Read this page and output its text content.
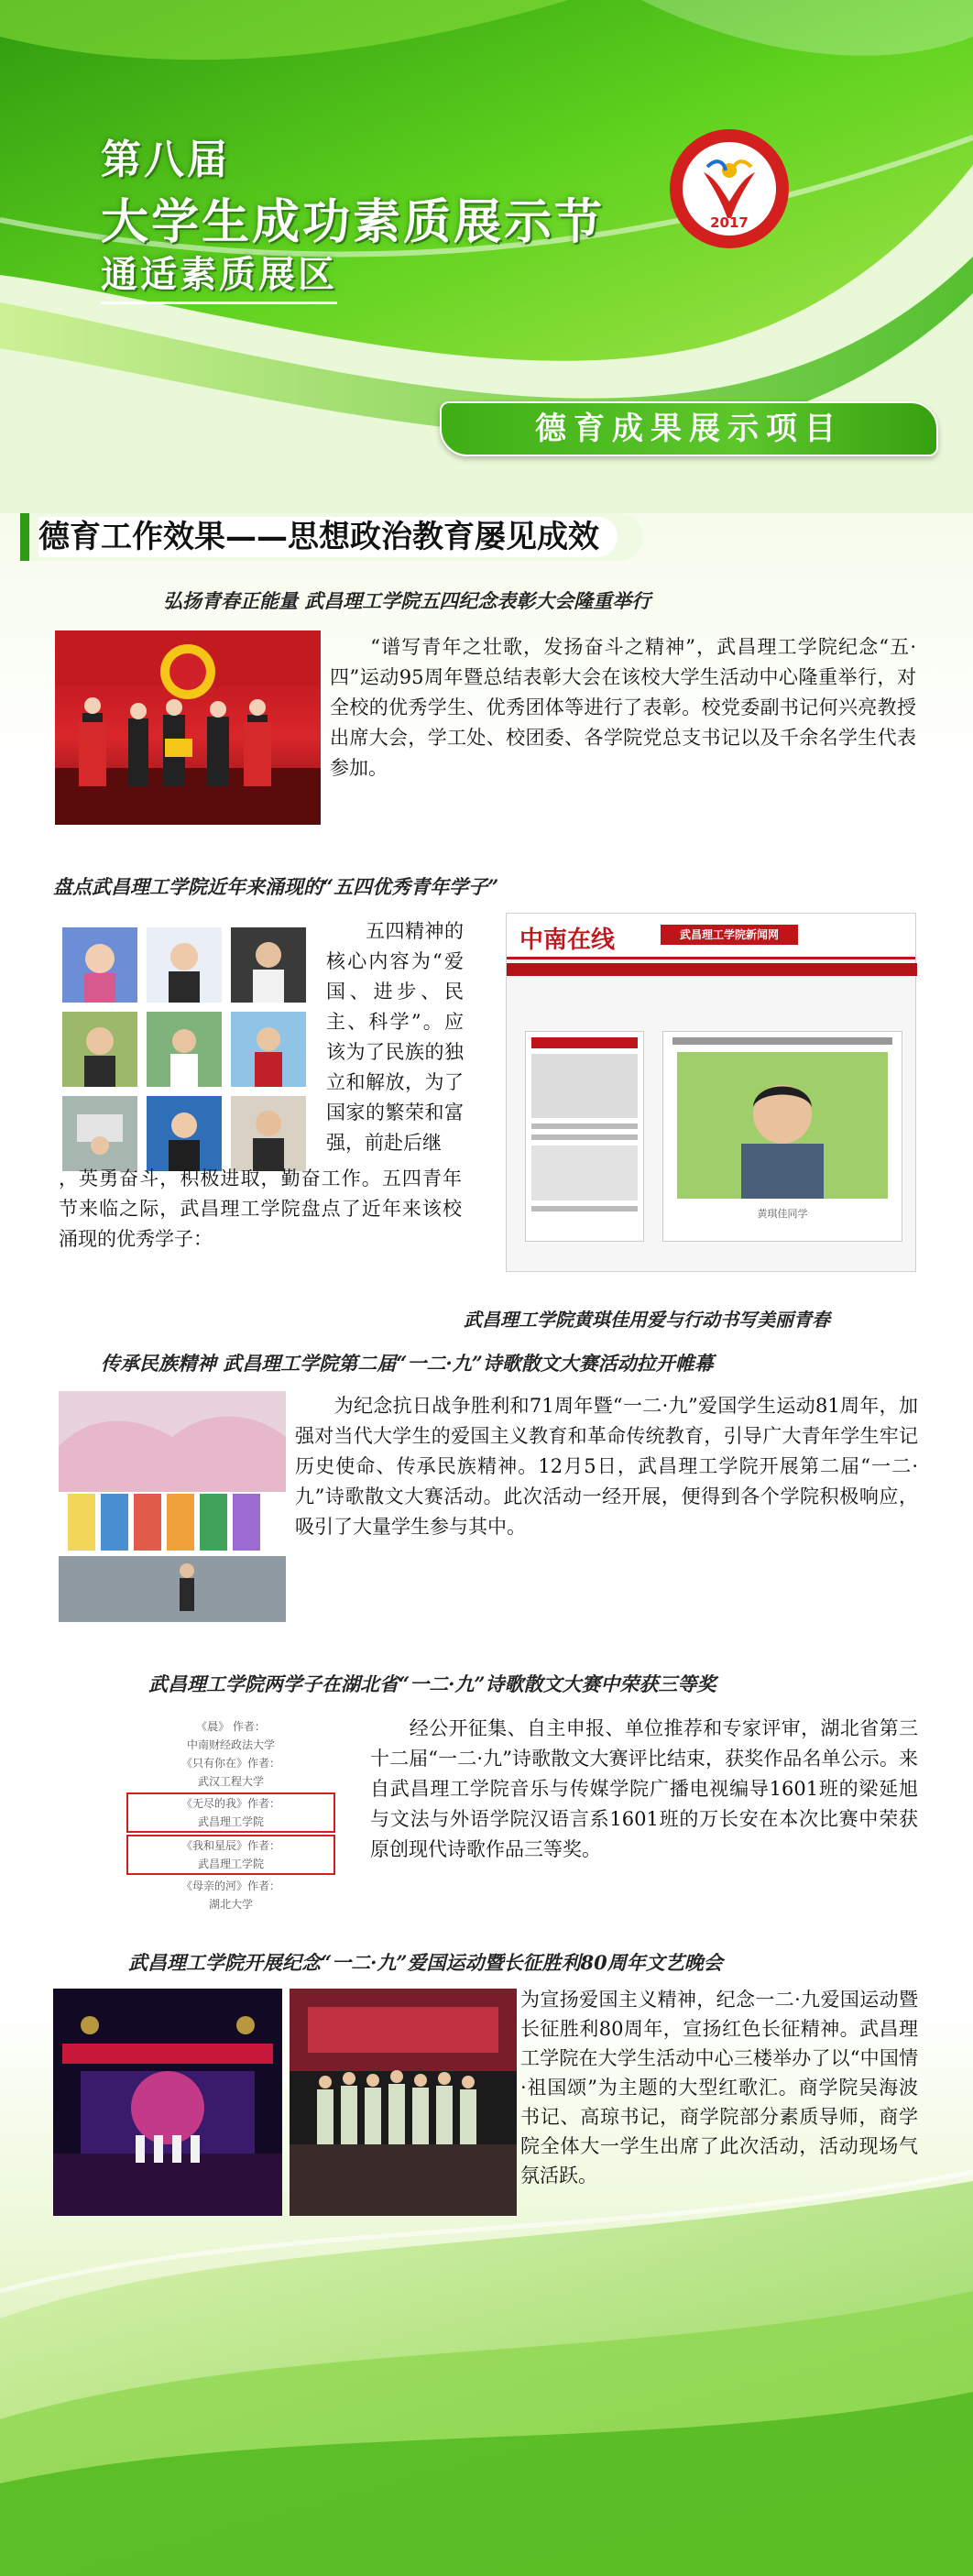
第八届
大学生成功素质展示节
通适素质展区
2017
德育成果展示项目
德育工作效果——思想政治教育屡见成效
弘扬青春正能量 武昌理工学院五四纪念表彰大会隆重举行
　　“谱写青年之壮歌，发扬奋斗之精神”，武昌理工学院纪念“五·四”运动95周年暨总结表彰大会在该校大学生活动中心隆重举行，对全校的优秀学生、优秀团体等进行了表彰。校党委副书记何兴亮教授出席大会，学工处、校团委、各学院党总支书记以及千余名学生代表参加。
盘点武昌理工学院近年来涌现的“五四优秀青年学子”
　　五四精神的核心内容为“爱国、进步、民主、科学”。应该为了民族的独立和解放，为了国家的繁荣和富强，前赴后继
，英勇奋斗，积极进取，勤奋工作。五四青年节来临之际，武昌理工学院盘点了近年来该校涌现的优秀学子：
中南在线	武昌理工学院新闻网
黄琪佳同学
武昌理工学院黄琪佳用爱与行动书写美丽青春
传承民族精神 武昌理工学院第二届“一二·九”诗歌散文大赛活动拉开帷幕
　　为纪念抗日战争胜利和71周年暨“一二·九”爱国学生运动81周年，加强对当代大学生的爱国主义教育和革命传统教育，引导广大青年学生牢记历史使命、传承民族精神。12月5日，武昌理工学院开展第二届“一二·九”诗歌散文大赛活动。此次活动一经开展，便得到各个学院积极响应，吸引了大量学生参与其中。
武昌理工学院两学子在湖北省“一二·九”诗歌散文大赛中荣获三等奖
《晨》 作者：
中南财经政法大学
《只有你在》作者：
武汉工程大学
《无尽的我》作者：
武昌理工学院
《我和星辰》作者：
武昌理工学院
《母亲的河》作者：
湖北大学
　　经公开征集、自主申报、单位推荐和专家评审，湖北省第三十二届“一二·九”诗歌散文大赛评比结束，获奖作品名单公示。来自武昌理工学院音乐与传媒学院广播电视编导1601班的梁延旭与文法与外语学院汉语言系1601班的万长安在本次比赛中荣获原创现代诗歌作品三等奖。
武昌理工学院开展纪念“一二·九”爱国运动暨长征胜利80周年文艺晚会
为宣扬爱国主义精神，纪念一二·九爱国运动暨长征胜利80周年，宣扬红色长征精神。武昌理工学院在大学生活动中心三楼举办了以“中国情·祖国颂”为主题的大型红歌汇。商学院吴海波书记、高琼书记，商学院部分素质导师，商学院全体大一学生出席了此次活动，活动现场气氛活跃。
